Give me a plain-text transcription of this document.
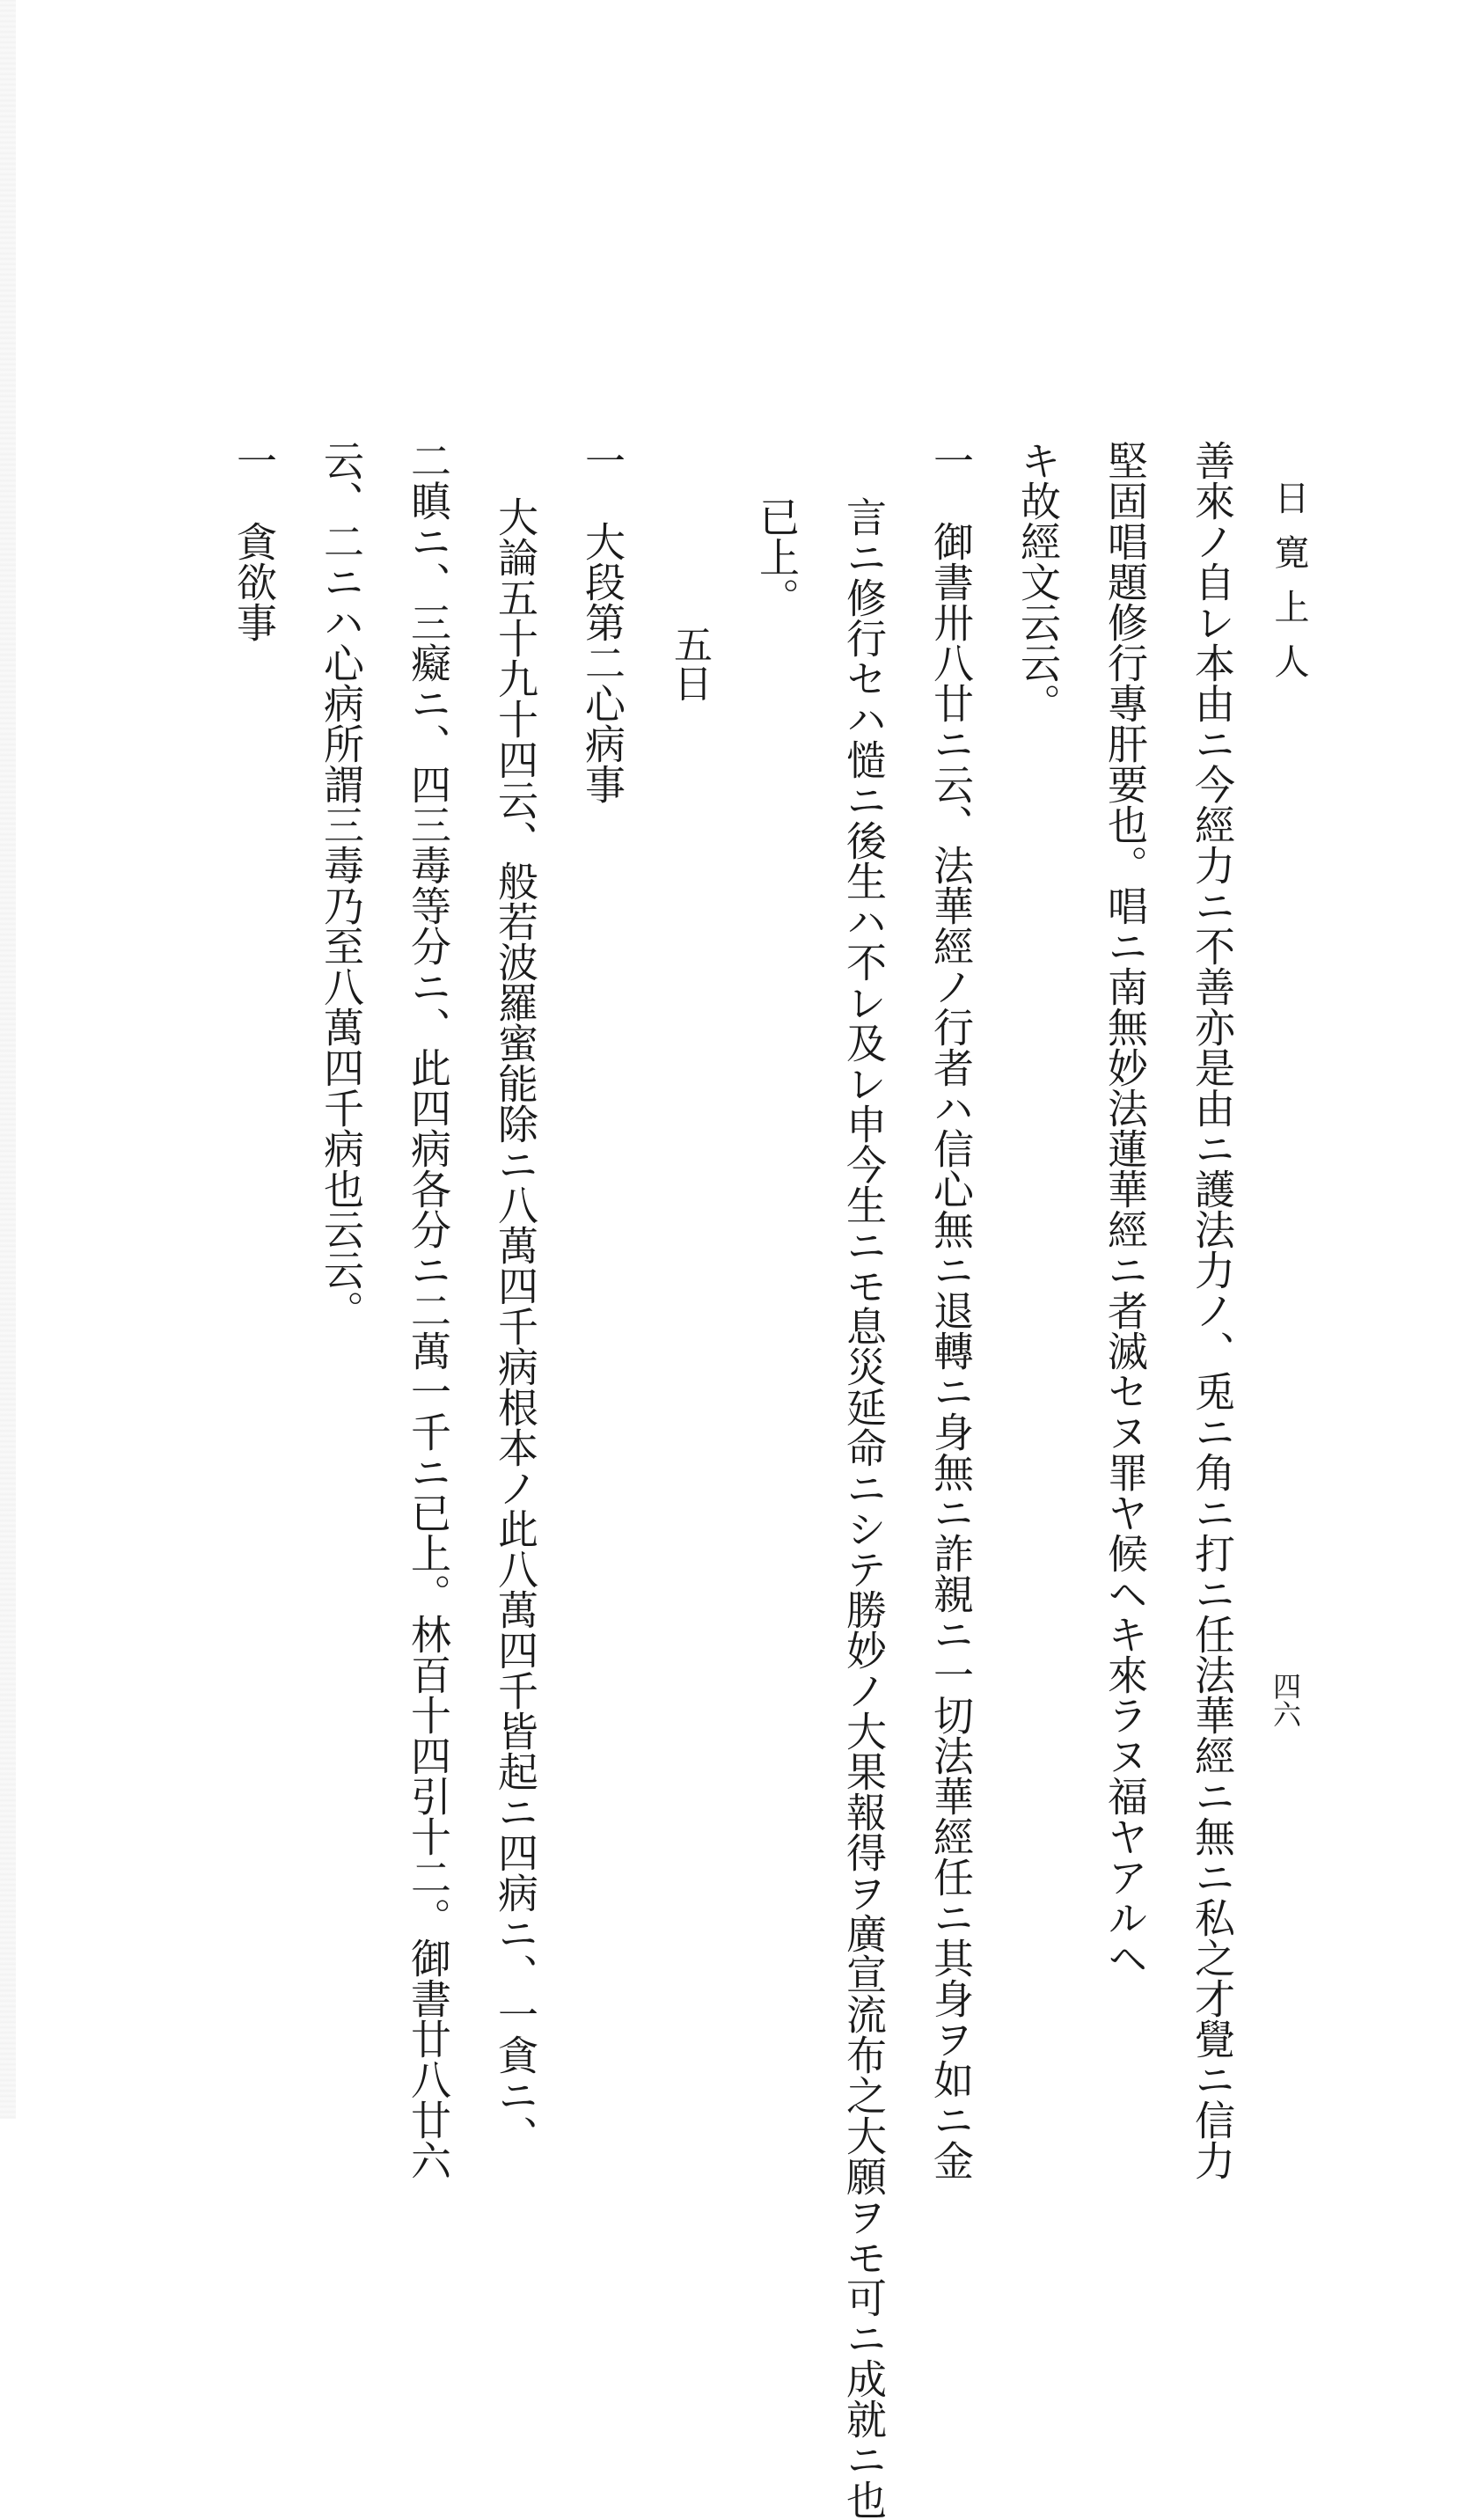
日寛上人
四六
善來ノ自レ本由ニ今經力ニ不善亦是由ニ護法力ノ、兎ニ角ニ打ニ任法華經ニ無ニ私之才覺ニ信力
堅固唱題修行專肝要也。唱ニ南無妙法蓮華經ニ者滅セヌ罪ヤ候ヘキ來ラヌ福ヤアルヘ
キ故經文云云。
一　御書卅八廿ニ云、法華經ノ行者ハ信心無ニ退轉ニ身無ニ詐親ニ一切法華經任ニ其身ヲ如ニ金
言ニ修行セハ慥ニ後生ハ不レ及レ申今生ニモ息災延命ニシテ勝妙ノ大果報得ヲ廣宣流布之大願ヲモ可ニ成就ニ也
已上。
五日
一　大段第二心病事
大論五十九十四云、般若波羅蜜能除ニ八萬四千病根本ノ此八萬四千皆起ニ四病ニ、一貪ニ、
二瞋ニ、三癡ニ、四三毒等分ニ、此四病各分ニ二萬一千ニ已上。林百十四引十二。御書廿八廿六
云、二ニハ心病所謂三毒乃至八萬四千病也云云。
一　貪欲事
